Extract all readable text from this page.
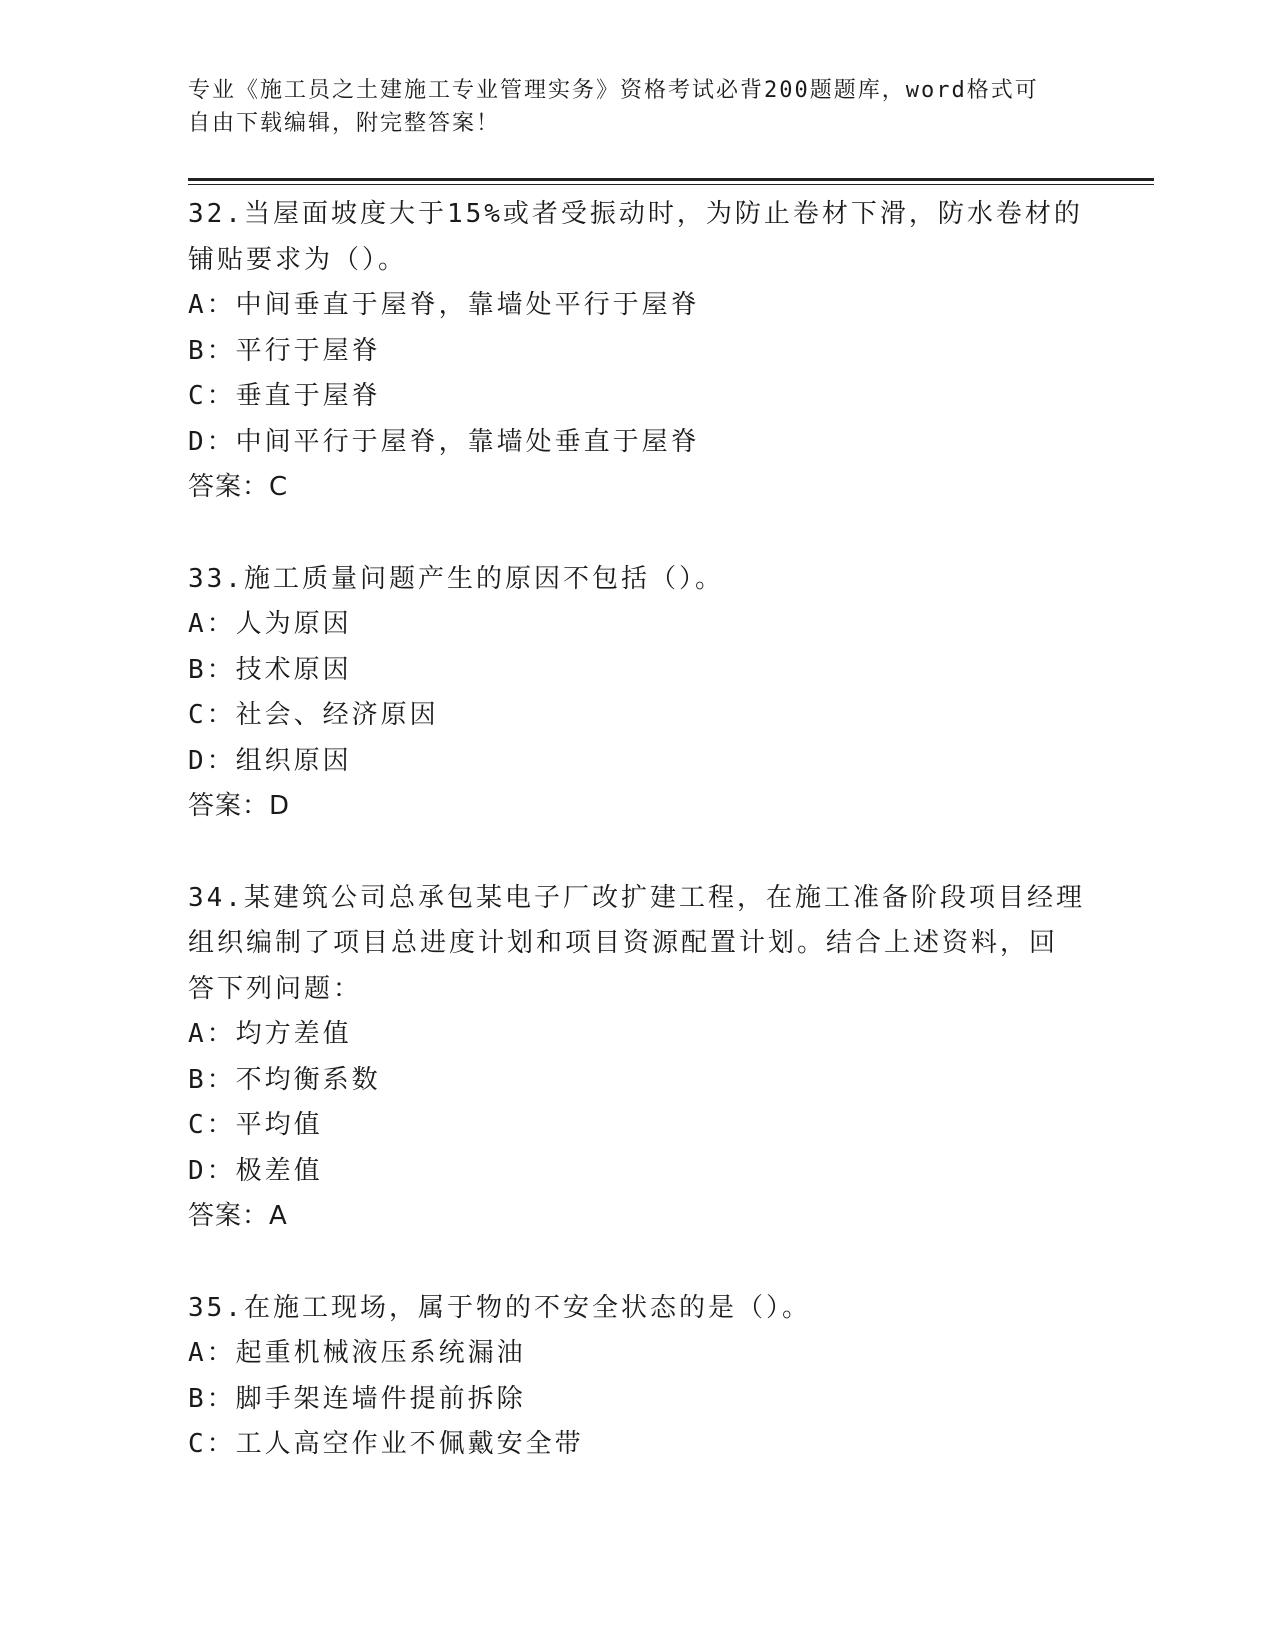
专业《施工员之土建施工专业管理实务》资格考试必背200题题库，word格式可
自由下载编辑，附完整答案！
32.当屋面坡度大于15%或者受振动时，为防止卷材下滑，防水卷材的
铺贴要求为（）。
A：中间垂直于屋脊，靠墙处平行于屋脊
B：平行于屋脊
C：垂直于屋脊
D：中间平行于屋脊，靠墙处垂直于屋脊
答案：C
33.施工质量问题产生的原因不包括（）。
A：人为原因
B：技术原因
C：社会、经济原因
D：组织原因
答案：D
34.某建筑公司总承包某电子厂改扩建工程，在施工准备阶段项目经理
组织编制了项目总进度计划和项目资源配置计划。结合上述资料，回
答下列问题：
A：均方差值
B：不均衡系数
C：平均值
D：极差值
答案：A
35.在施工现场，属于物的不安全状态的是（）。
A：起重机械液压系统漏油
B：脚手架连墙件提前拆除
C：工人高空作业不佩戴安全带
